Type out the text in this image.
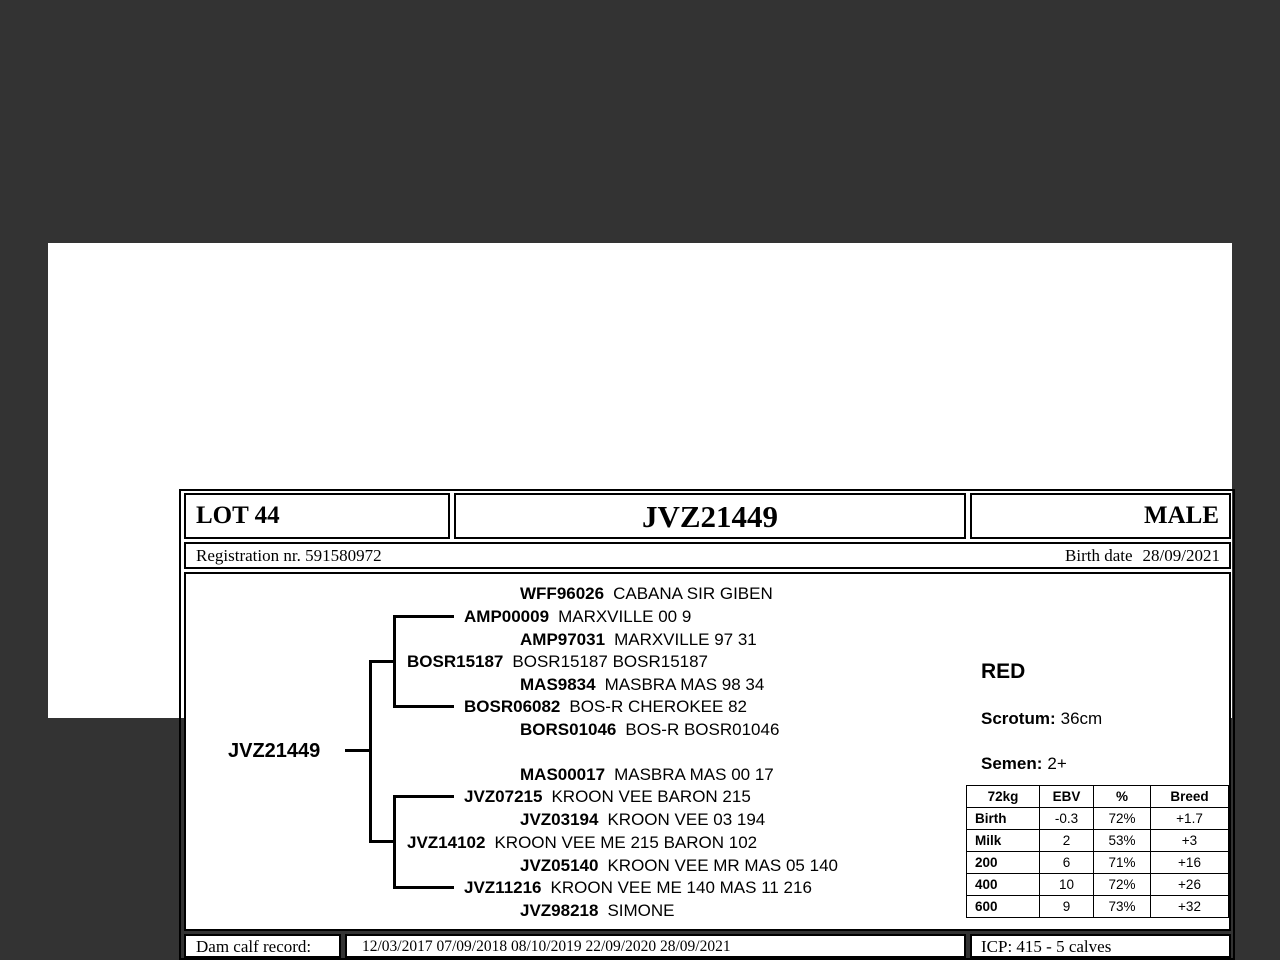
LOT 44	JVZ21449	MALE
Registration nr. 591580972	Birth date 28/09/2021
JVZ21449
WFF96026 CABANA SIR GIBEN
AMP00009 MARXVILLE 00 9
AMP97031 MARXVILLE 97 31
BOSR15187 BOSR15187 BOSR15187
MAS9834 MASBRA MAS 98 34
BOSR06082 BOS-R CHEROKEE 82
BORS01046 BOS-R BOSR01046
MAS00017 MASBRA MAS 00 17
JVZ07215 KROON VEE BARON 215
JVZ03194 KROON VEE 03 194
JVZ14102 KROON VEE ME 215 BARON 102
JVZ05140 KROON VEE MR MAS 05 140
JVZ11216 KROON VEE ME 140 MAS 11 216
JVZ98218 SIMONE
RED
Scrotum: 36cm
Semen: 2+
72kg	EBV	%	Breed
Birth	-0.3	72%	+1.7
Milk	2	53%	+3
200	6	71%	+16
400	10	72%	+26
600	9	73%	+32
Dam calf record:	12/03/2017 07/09/2018 08/10/2019 22/09/2020 28/09/2021	ICP: 415 - 5 calves
